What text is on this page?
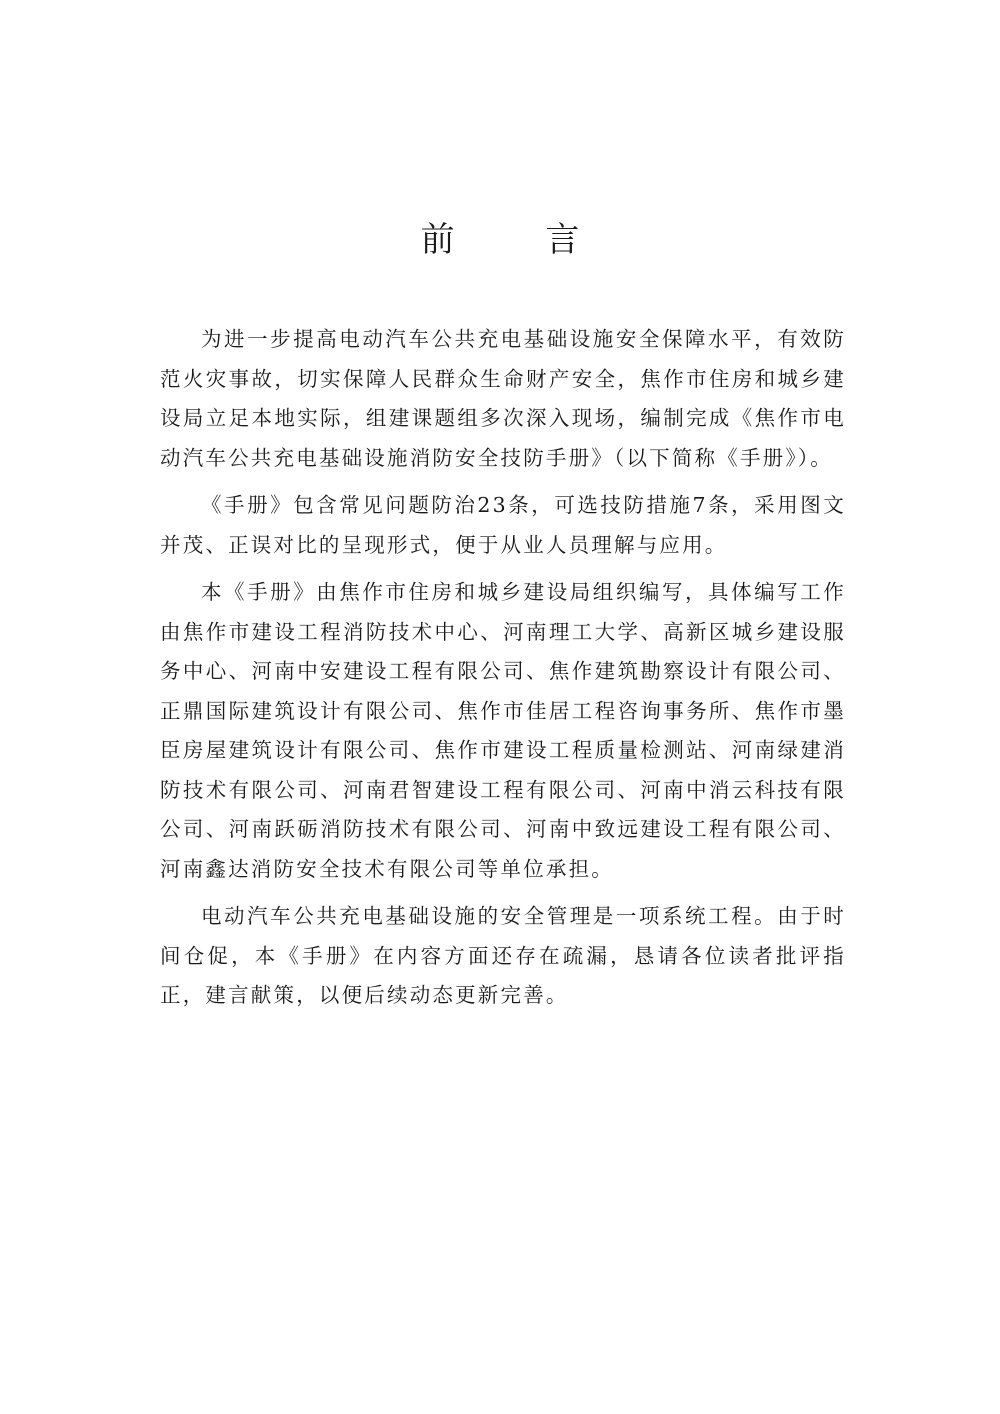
前 言

为进一步提高电动汽车公共充电基础设施安全保障水平，有效防范火灾事故，切实保障人民群众生命财产安全，焦作市住房和城乡建设局立足本地实际，组建课题组多次深入现场，编制完成《焦作市电动汽车公共充电基础设施消防安全技防手册》（以下简称《手册》）。

《手册》包含常见问题防治23条，可选技防措施7条，采用图文并茂、正误对比的呈现形式，便于从业人员理解与应用。

本《手册》由焦作市住房和城乡建设局组织编写，具体编写工作由焦作市建设工程消防技术中心、河南理工大学、高新区城乡建设服务中心、河南中安建设工程有限公司、焦作建筑勘察设计有限公司、正鼎国际建筑设计有限公司、焦作市佳居工程咨询事务所、焦作市墨臣房屋建筑设计有限公司、焦作市建设工程质量检测站、河南绿建消防技术有限公司、河南君智建设工程有限公司、河南中消云科技有限公司、河南跃砺消防技术有限公司、河南中致远建设工程有限公司、河南鑫达消防安全技术有限公司等单位承担。

电动汽车公共充电基础设施的安全管理是一项系统工程。由于时间仓促，本《手册》在内容方面还存在疏漏，恳请各位读者批评指正，建言献策，以便后续动态更新完善。
